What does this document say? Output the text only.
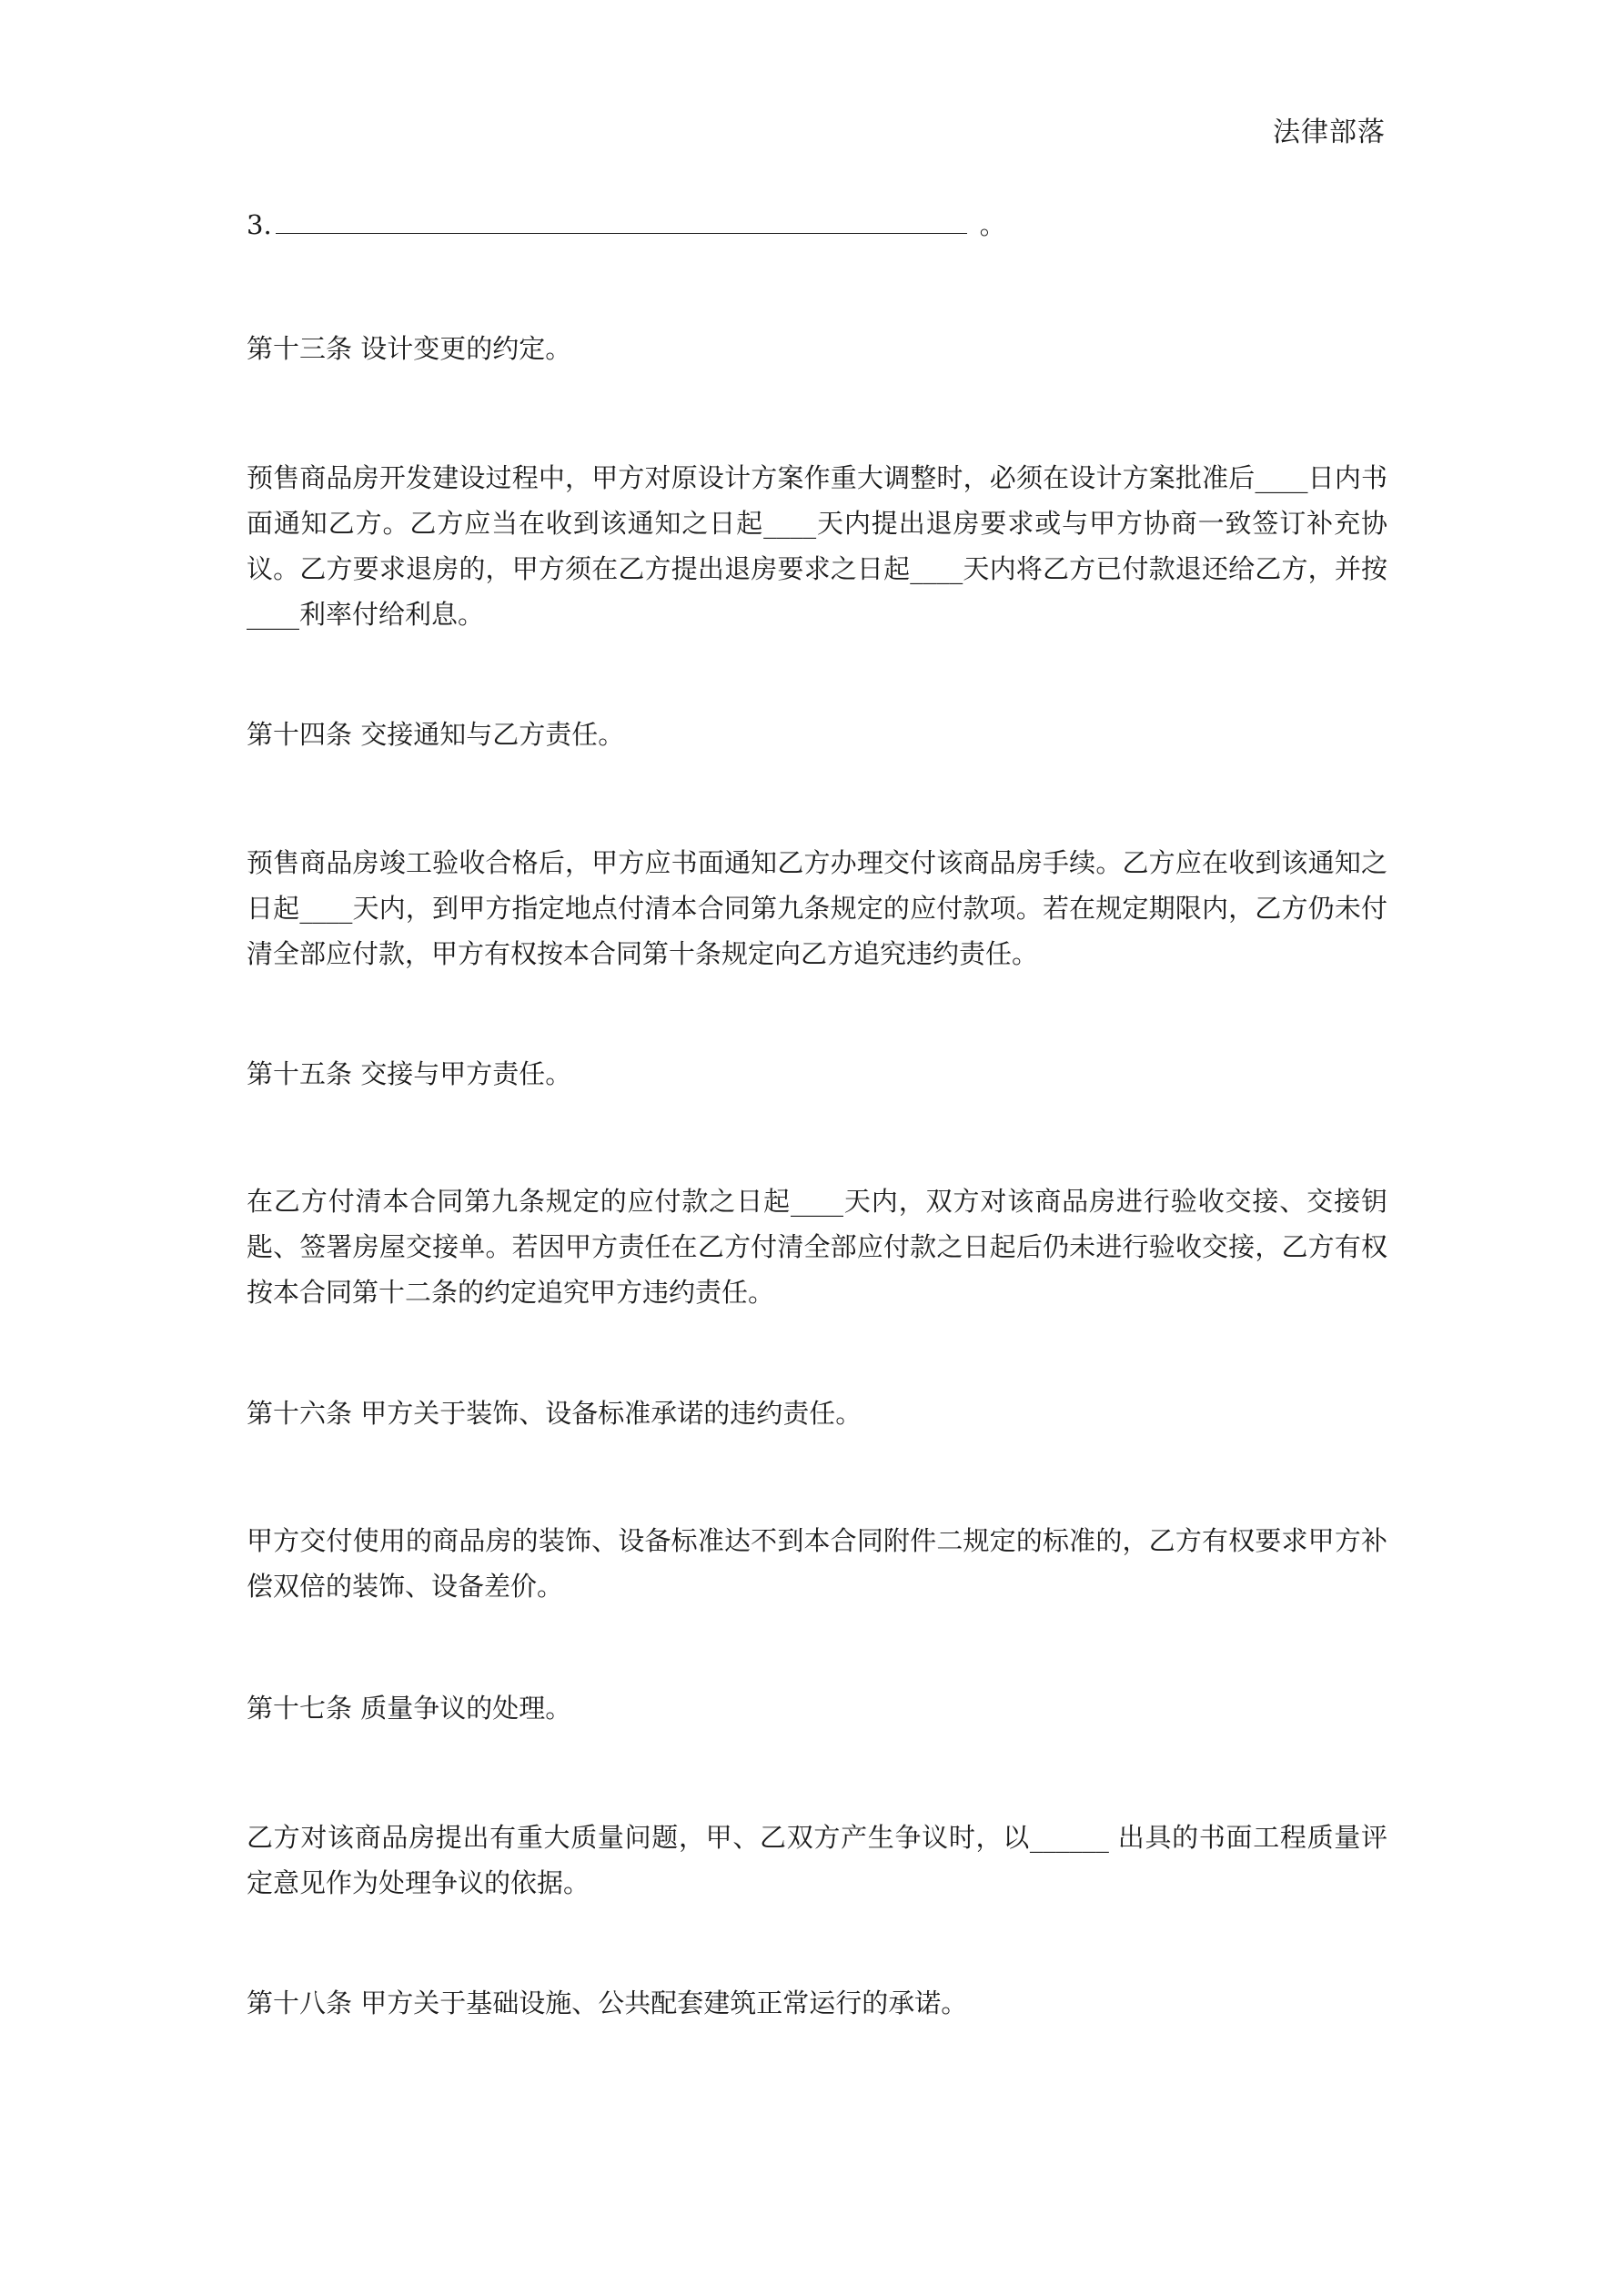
法律部落
3.	。
第十三条 设计变更的约定。
预售商品房开发建设过程中，甲方对原设计方案作重大调整时，必须在设计方案批准后____日内书面通知乙方。乙方应当在收到该通知之日起____天内提出退房要求或与甲方协商一致签订补充协议。乙方要求退房的，甲方须在乙方提出退房要求之日起____天内将乙方已付款退还给乙方，并按____利率付给利息。
第十四条 交接通知与乙方责任。
预售商品房竣工验收合格后，甲方应书面通知乙方办理交付该商品房手续。乙方应在收到该通知之日起____天内，到甲方指定地点付清本合同第九条规定的应付款项。若在规定期限内，乙方仍未付清全部应付款，甲方有权按本合同第十条规定向乙方追究违约责任。
第十五条 交接与甲方责任。
在乙方付清本合同第九条规定的应付款之日起____天内，双方对该商品房进行验收交接、交接钥匙、签署房屋交接单。若因甲方责任在乙方付清全部应付款之日起后仍未进行验收交接，乙方有权按本合同第十二条的约定追究甲方违约责任。
第十六条 甲方关于装饰、设备标准承诺的违约责任。
甲方交付使用的商品房的装饰、设备标准达不到本合同附件二规定的标准的，乙方有权要求甲方补偿双倍的装饰、设备差价。
第十七条 质量争议的处理。
乙方对该商品房提出有重大质量问题，甲、乙双方产生争议时，以______ 出具的书面工程质量评定意见作为处理争议的依据。
第十八条 甲方关于基础设施、公共配套建筑正常运行的承诺。
